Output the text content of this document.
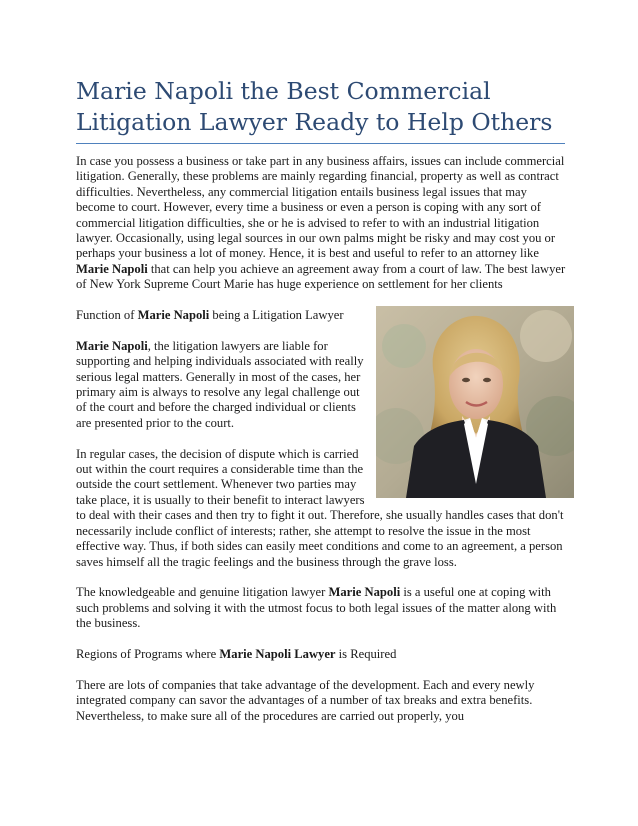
Marie Napoli the Best Commercial Litigation Lawyer Ready to Help Others

In case you possess a business or take part in any business affairs, issues can include commercial litigation. Generally, these problems are mainly regarding financial, property as well as contract difficulties. Nevertheless, any commercial litigation entails business legal issues that may become to court. However, every time a business or even a person is coping with any sort of commercial litigation difficulties, she or he is advised to refer to with an industrial litigation lawyer. Occasionally, using legal sources in our own palms might be risky and may cost you or perhaps your business a lot of money. Hence, it is best and useful to refer to an attorney like Marie Napoli that can help you achieve an agreement away from a court of law. The best lawyer of New York Supreme Court Marie has huge experience on settlement for her clients

Function of Marie Napoli being a Litigation Lawyer

Marie Napoli, the litigation lawyers are liable for supporting and helping individuals associated with really serious legal matters. Generally in most of the cases, her primary aim is always to resolve any legal challenge out of the court and before the charged individual or clients are presented prior to the court.

In regular cases, the decision of dispute which is carried out within the court requires a considerable time than the outside the court settlement. Whenever two parties may take place, it is usually to their benefit to interact lawyers to deal with their cases and then try to fight it out. Therefore, she usually handles cases that don't necessarily include conflict of interests; rather, she attempt to resolve the issue in the most effective way. Thus, if both sides can easily meet conditions and come to an agreement, a person saves himself all the tragic feelings and the business through the grave loss.

The knowledgeable and genuine litigation lawyer Marie Napoli is a useful one at coping with such problems and solving it with the utmost focus to both legal issues of the matter along with the business.

Regions of Programs where Marie Napoli Lawyer is Required

There are lots of companies that take advantage of the development. Each and every newly integrated company can savor the advantages of a number of tax breaks and extra benefits. Nevertheless, to make sure all of the procedures are carried out properly, you
